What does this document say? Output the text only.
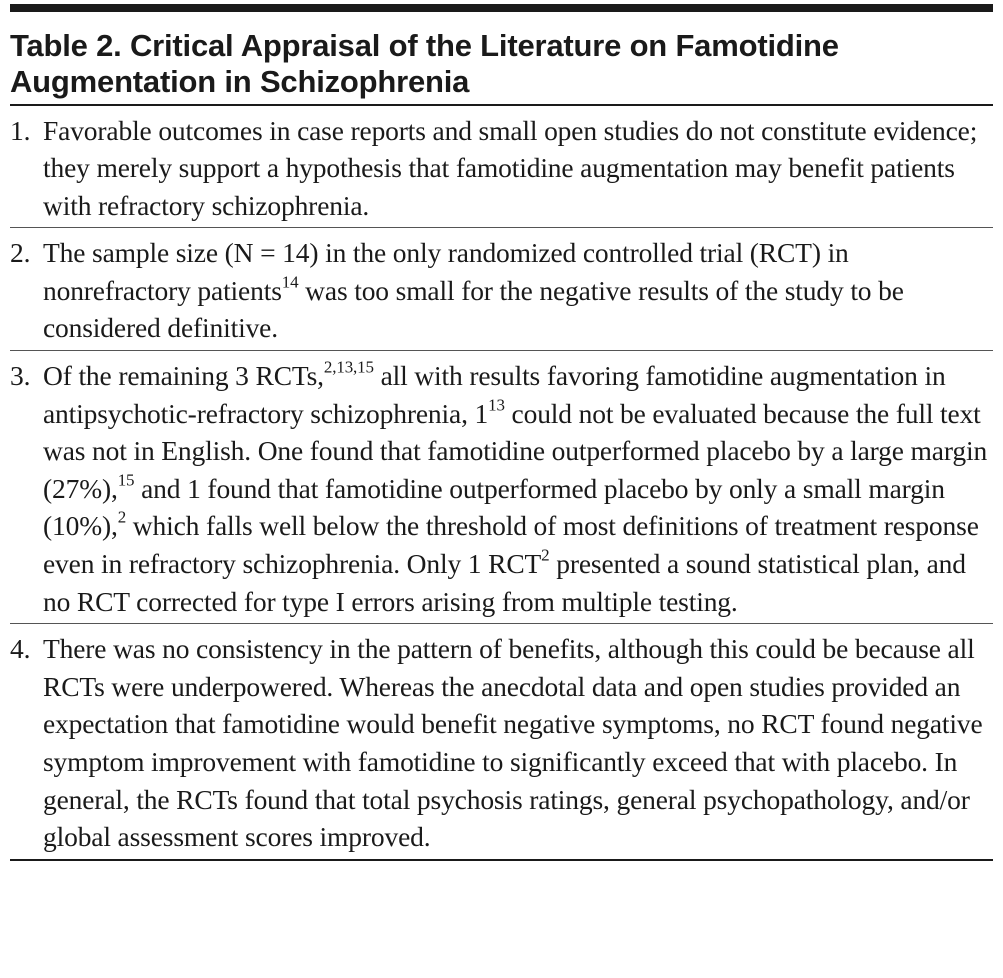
Table 2. Critical Appraisal of the Literature on Famotidine
Augmentation in Schizophrenia
1. Favorable outcomes in case reports and small open studies do not constitute evidence; they merely support a hypothesis that famotidine augmentation may benefit patients with refractory schizophrenia.
2. The sample size (N = 14) in the only randomized controlled trial (RCT) in nonrefractory patients$^{14}$ was too small for the negative results of the study to be considered definitive.
3. Of the remaining 3 RCTs,$^{2,13,15}$ all with results favoring famotidine augmentation in antipsychotic-refractory schizophrenia, $1^{13}$ could not be evaluated because the full text was not in English. One found that famotidine outperformed placebo by a large margin (27%),$^{15}$ and 1 found that famotidine outperformed placebo by only a small margin (10%),$^2$ which falls well below the threshold of most definitions of treatment response even in refractory schizophrenia. Only 1 RCT$^2$ presented a sound statistical plan, and no RCT corrected for type I errors arising from multiple testing.
4. There was no consistency in the pattern of benefits, although this could be because all RCTs were underpowered. Whereas the anecdotal data and open studies provided an expectation that famotidine would benefit negative symptoms, no RCT found negative symptom improvement with famotidine to significantly exceed that with placebo. In general, the RCTs found that total psychosis ratings, general psychopathology, and/or global assessment scores improved.
